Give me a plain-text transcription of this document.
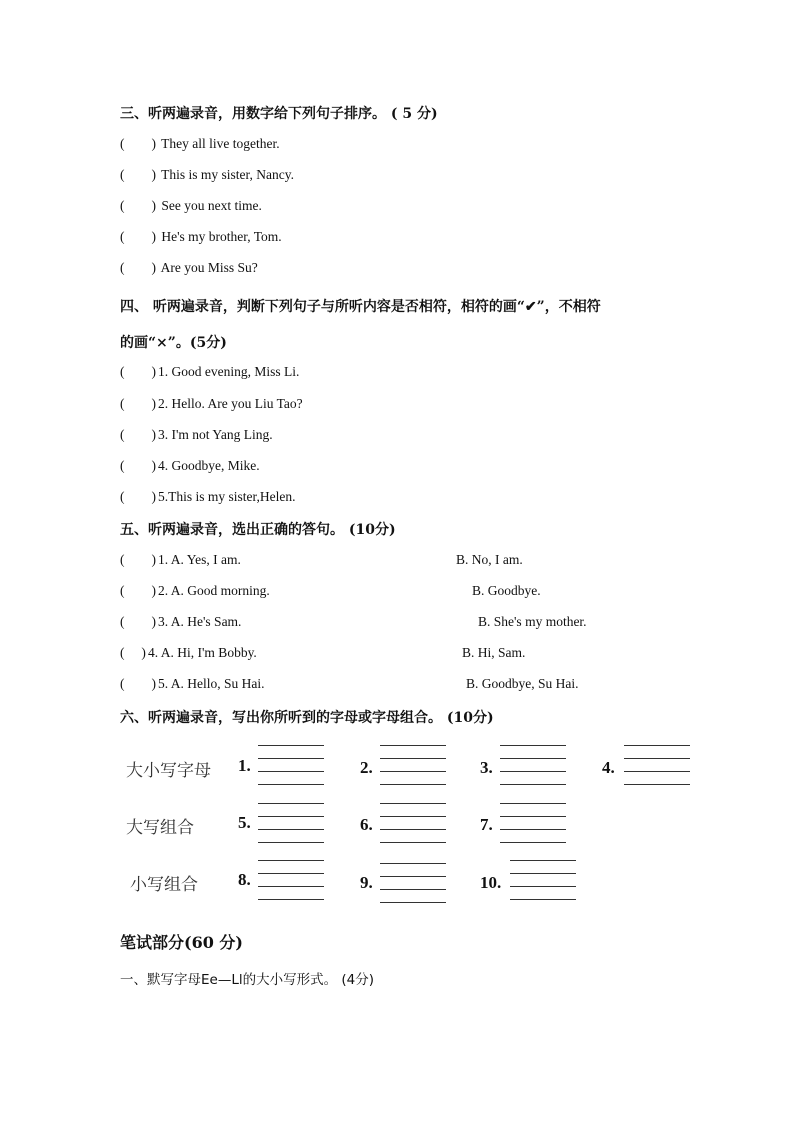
三、听两遍录音，用数字给下列句子排序。 ( 5 分)
(        ) They all live together.
(        ) This is my sister, Nancy.
(        ) See you next time.
(        ) He's my brother, Tom.
(        ) Are you Miss Su?
四、 听两遍录音，判断下列句子与所听内容是否相符，相符的画“✔”，不相符
的画“×”。(5分)
(        ) 1. Good evening, Miss Li.
(        ) 2. Hello. Are you Liu Tao?
(        ) 3. I'm not Yang Ling.
(        ) 4. Goodbye, Mike.
(        ) 5.This is my sister,Helen.
五、听两遍录音，选出正确的答句。 (10分)
(        ) 1. A. Yes, I am.	B. No, I am.
(        ) 2. A. Good morning.	B. Goodbye.
(        ) 3. A. He's Sam.	B. She's my mother.
(     ) 4. A. Hi, I'm Bobby.	B. Hi, Sam.
(        ) 5. A. Hello, Su Hai.	B. Goodbye, Su Hai.
六、听两遍录音，写出你所听到的字母或字母组合。 (10分)
大小写字母 1.	2.	3.	4.
大写组合	5.	6.	7.
小写组合 8.	9.	10.
笔试部分(60 分)
一、默写字母Ee—Ll的大小写形式。 (4分)
